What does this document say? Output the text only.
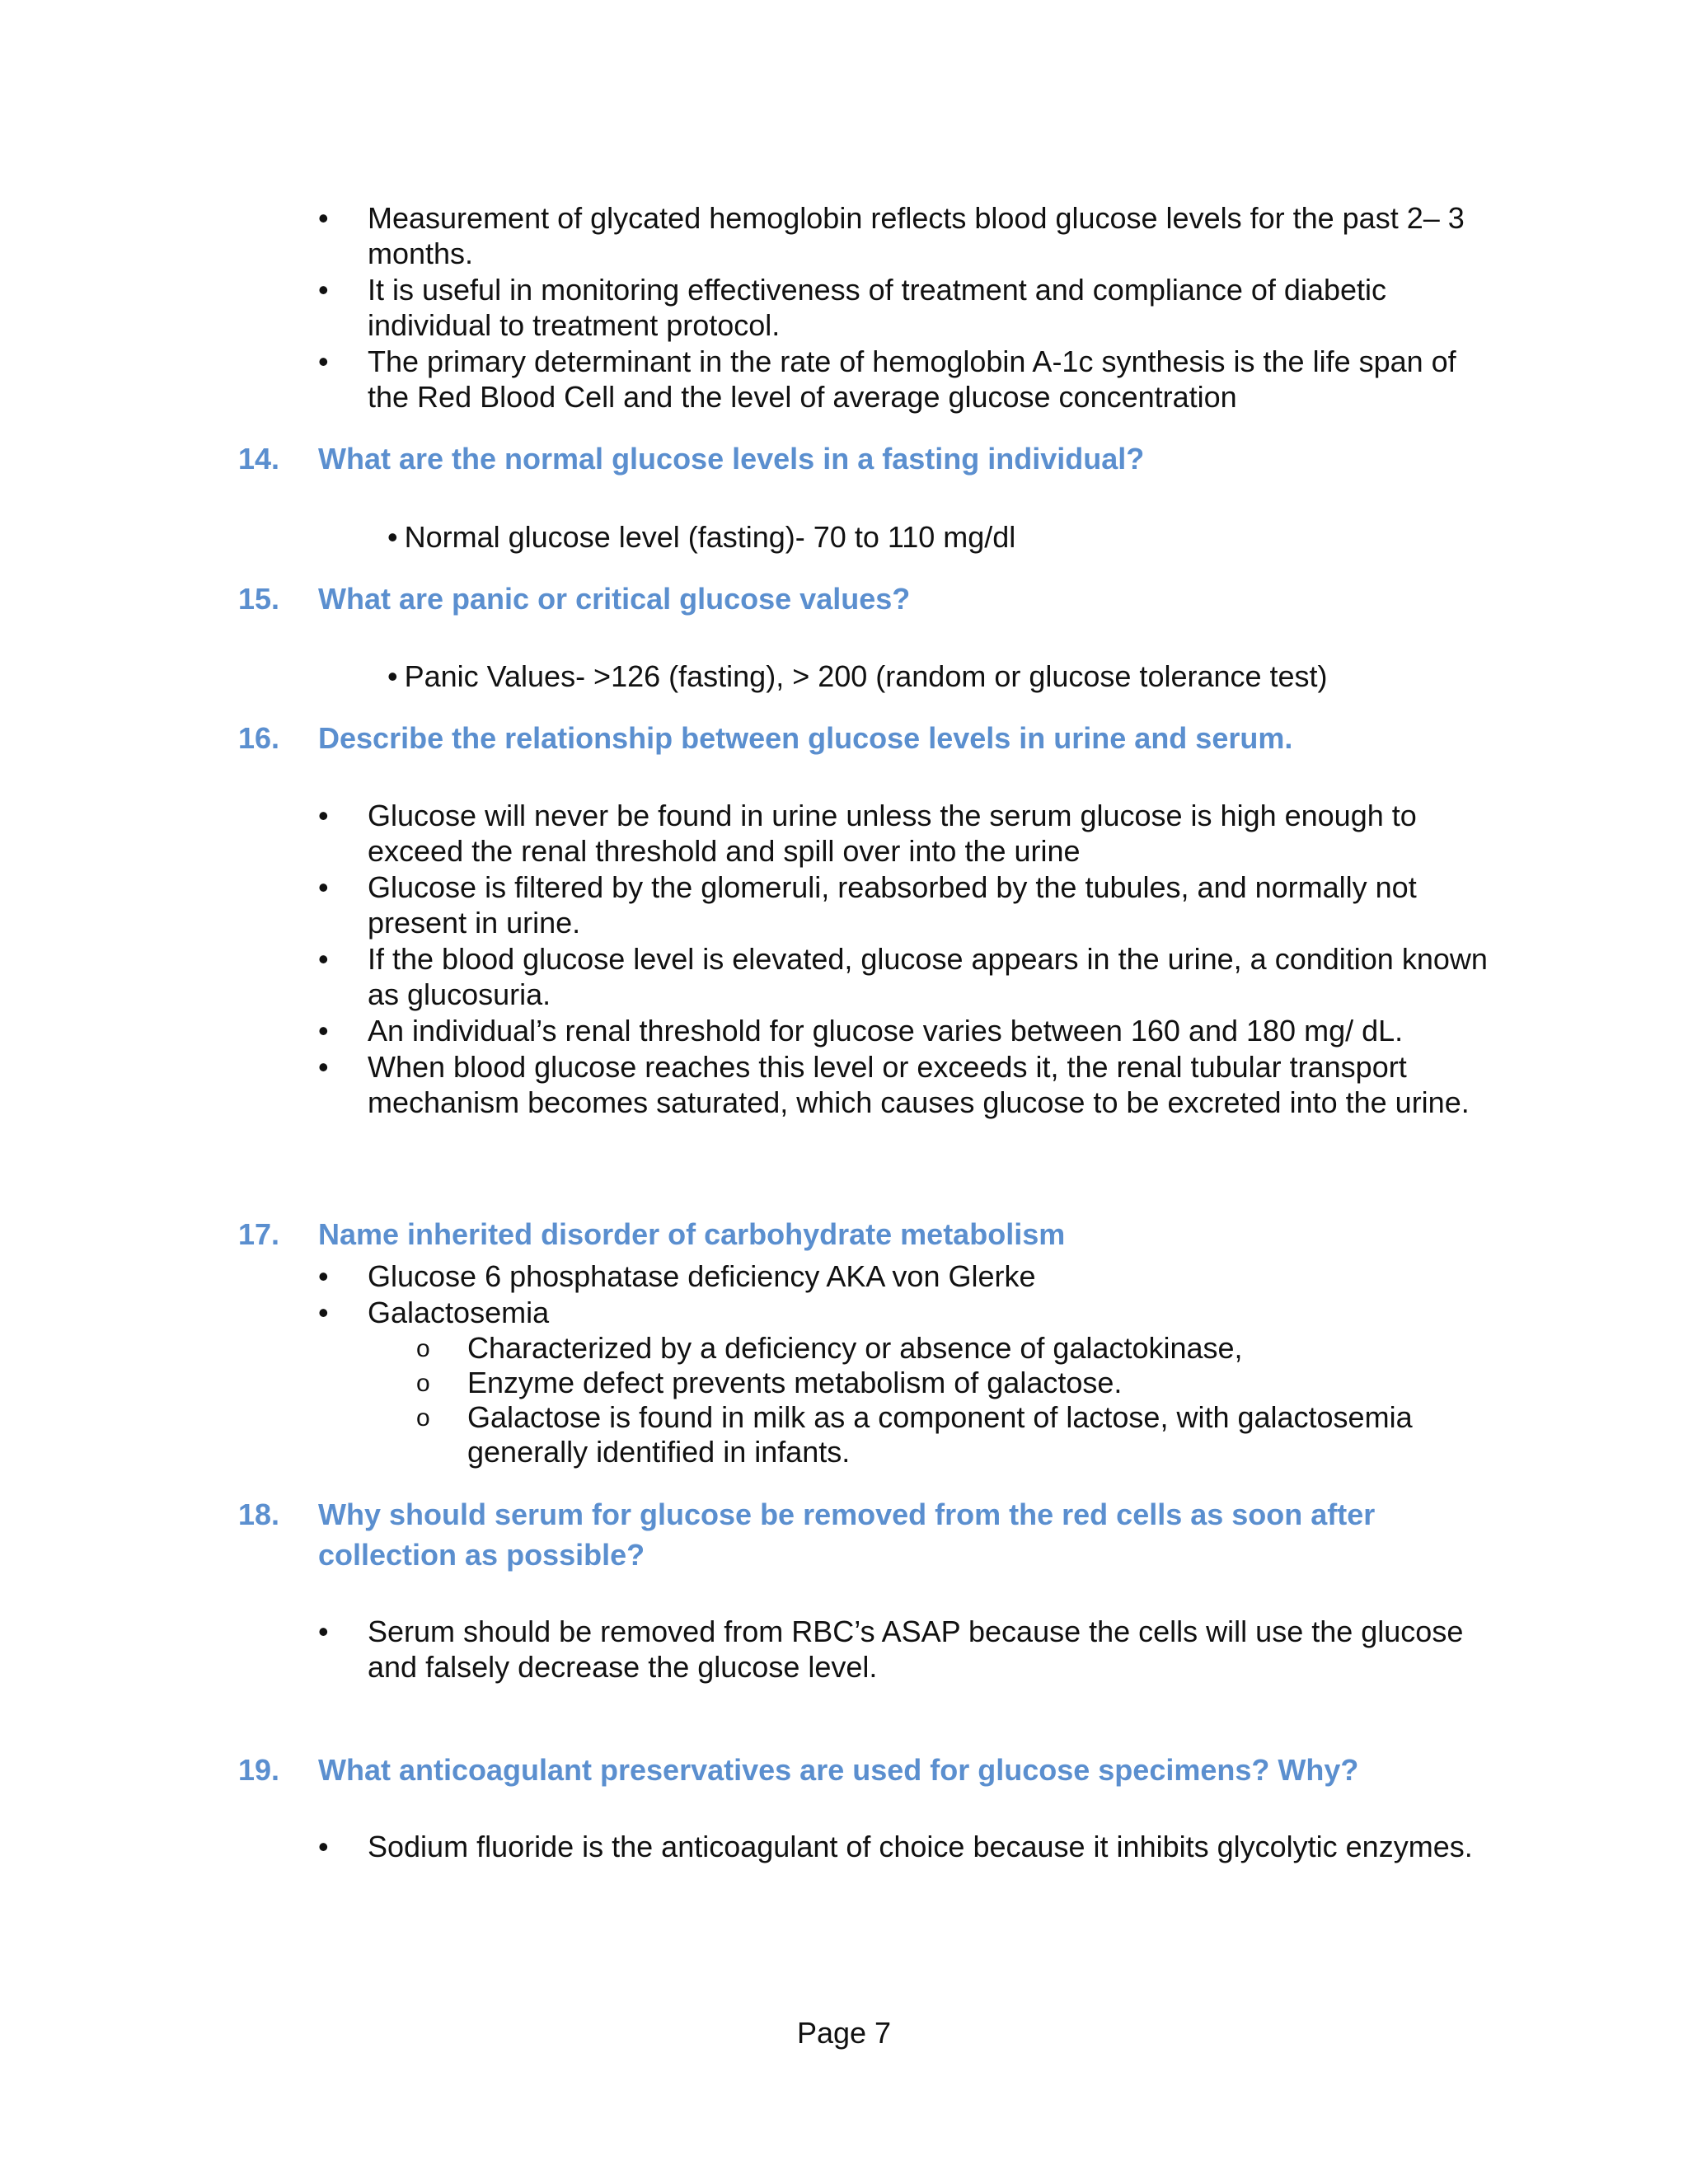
• Measurement of glycated hemoglobin reflects blood glucose levels for the past 2– 3 months.
• It is useful in monitoring effectiveness of treatment and compliance of diabetic individual to treatment protocol.
• The primary determinant in the rate of hemoglobin A-1c synthesis is the life span of the Red Blood Cell and the level of average glucose concentration
14. What are the normal glucose levels in a fasting individual?
• Normal glucose level (fasting)- 70 to 110 mg/dl
15. What are panic or critical glucose values?
• Panic Values- >126 (fasting), > 200 (random or glucose tolerance test)
16. Describe the relationship between glucose levels in urine and serum.
• Glucose will never be found in urine unless the serum glucose is high enough to exceed the renal threshold and spill over into the urine
• Glucose is filtered by the glomeruli, reabsorbed by the tubules, and normally not present in urine.
• If the blood glucose level is elevated, glucose appears in the urine, a condition known as glucosuria.
• An individual’s renal threshold for glucose varies between 160 and 180 mg/ dL.
• When blood glucose reaches this level or exceeds it, the renal tubular transport mechanism becomes saturated, which causes glucose to be excreted into the urine.
17. Name inherited disorder of carbohydrate metabolism
• Glucose 6 phosphatase deficiency AKA von Glerke
• Galactosemia
o Characterized by a deficiency or absence of galactokinase,
o Enzyme defect prevents metabolism of galactose.
o Galactose is found in milk as a component of lactose, with galactosemia generally identified in infants.
18. Why should serum for glucose be removed from the red cells as soon after collection as possible?
• Serum should be removed from RBC’s ASAP because the cells will use the glucose and falsely decrease the glucose level.
19. What anticoagulant preservatives are used for glucose specimens? Why?
• Sodium fluoride is the anticoagulant of choice because it inhibits glycolytic enzymes.
Page 7
